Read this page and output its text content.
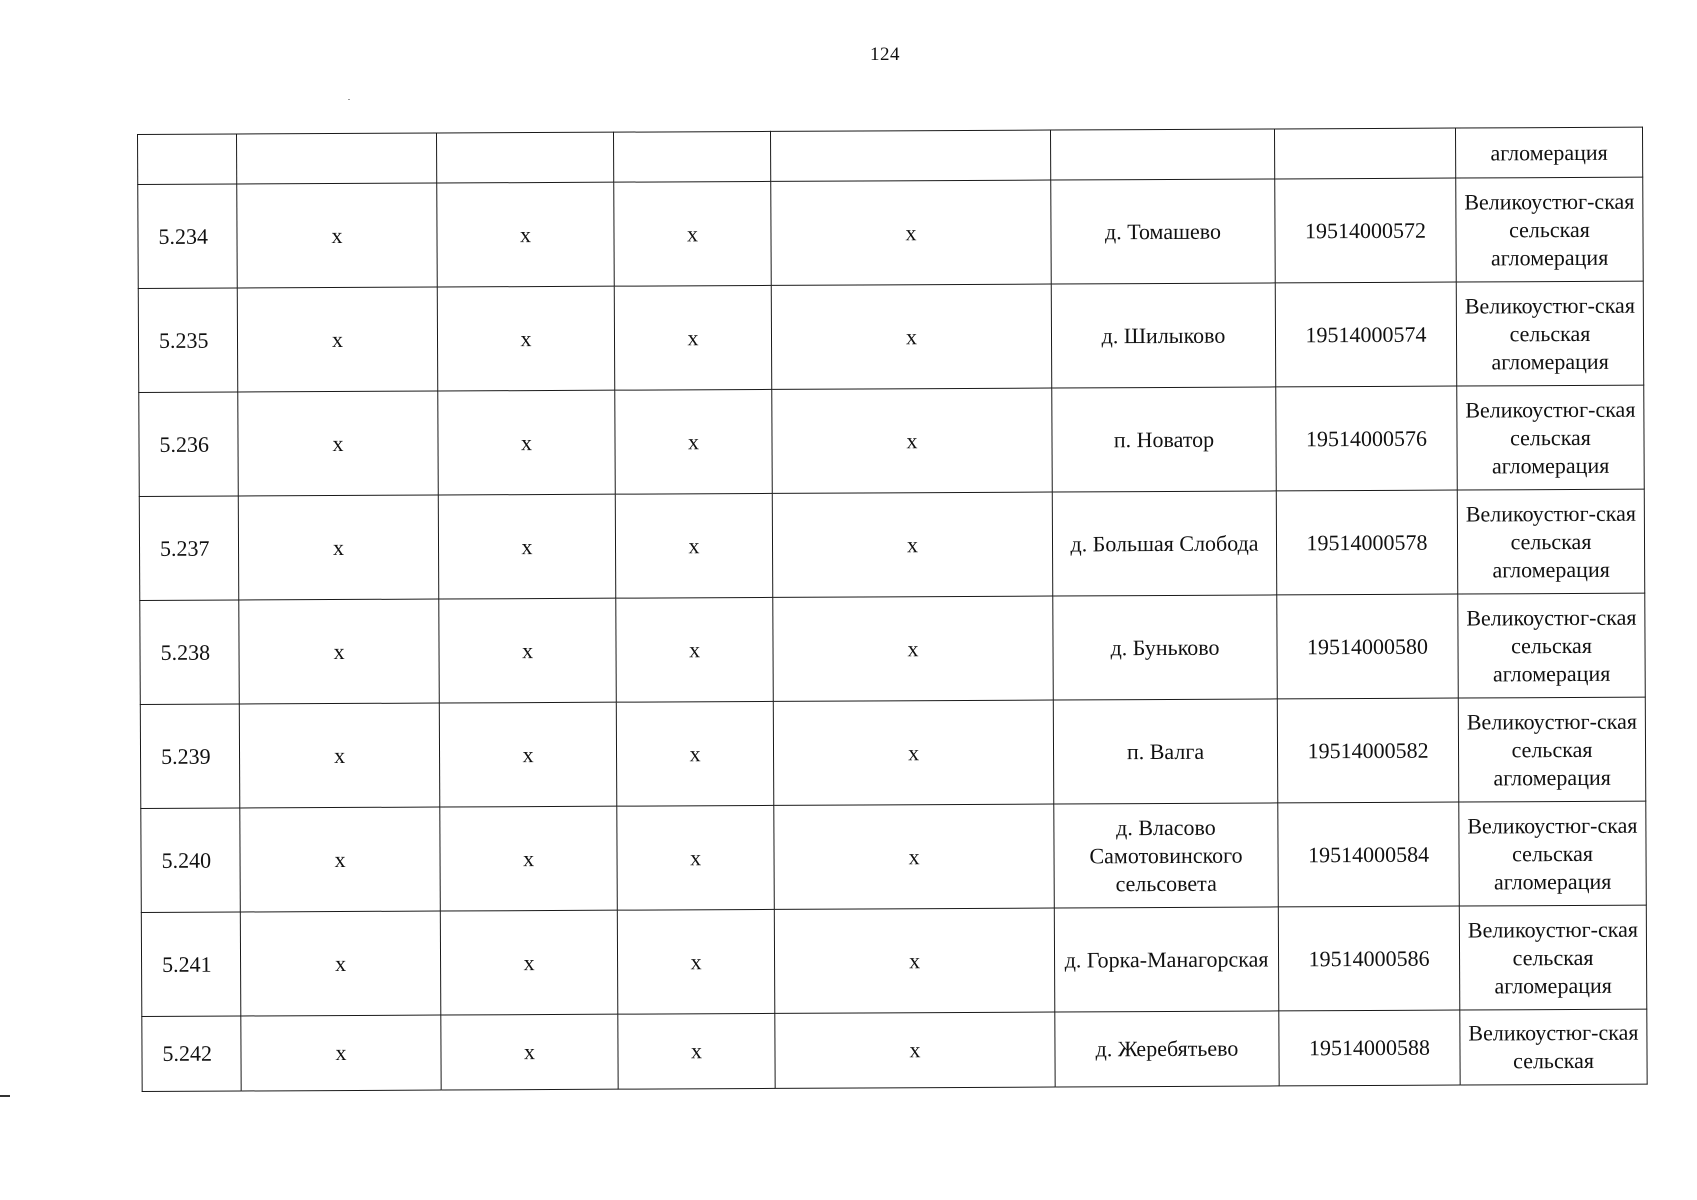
124
							агломерация
5.234	х	х	х	х	д. Томашево	19514000572	Великоустюг-ская сельская агломерация
5.235	х	х	х	х	д. Шилыково	19514000574	Великоустюг-ская сельская агломерация
5.236	х	х	х	х	п. Новатор	19514000576	Великоустюг-ская сельская агломерация
5.237	х	х	х	х	д. Большая Слобода	19514000578	Великоустюг-ская сельская агломерация
5.238	х	х	х	х	д. Буньково	19514000580	Великоустюг-ская сельская агломерация
5.239	х	х	х	х	п. Валга	19514000582	Великоустюг-ская сельская агломерация
5.240	х	х	х	х	д. Власово Самотовинского сельсовета	19514000584	Великоустюг-ская сельская агломерация
5.241	х	х	х	х	д. Горка-Манагорская	19514000586	Великоустюг-ская сельская агломерация
5.242	х	х	х	х	д. Жеребятьево	19514000588	Великоустюг-ская сельская
